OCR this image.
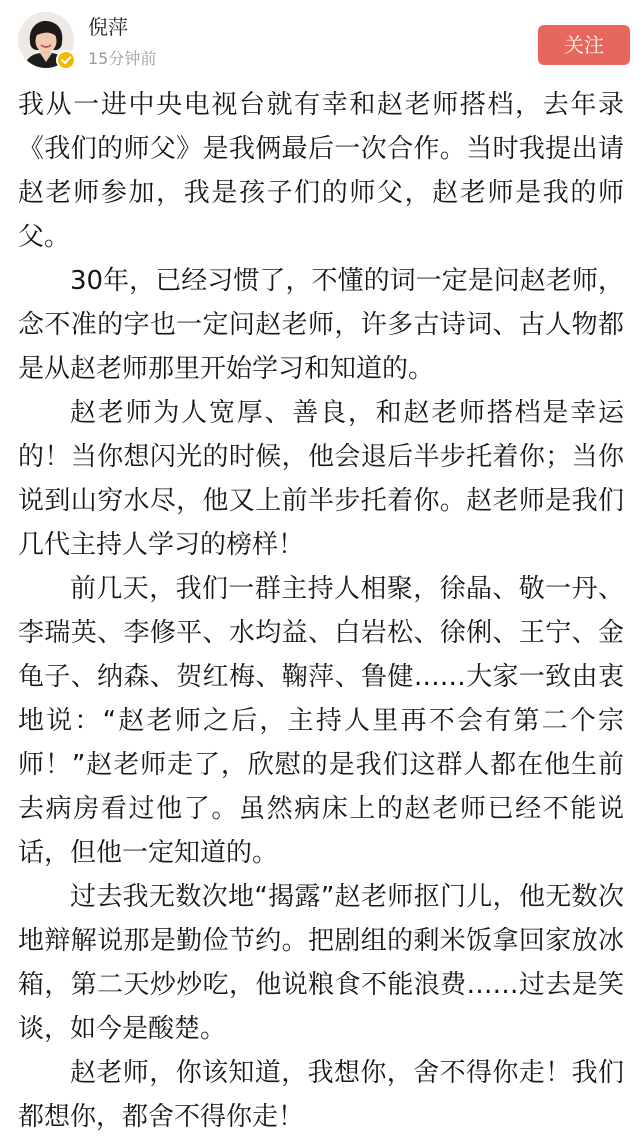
倪萍
15分钟前
关注

我从一进中央电视台就有幸和赵老师搭档，去年录《我们的师父》是我俩最后一次合作。当时我提出请赵老师参加，我是孩子们的师父，赵老师是我的师父。

30年，已经习惯了，不懂的词一定是问赵老师，念不准的字也一定问赵老师，许多古诗词、古人物都是从赵老师那里开始学习和知道的。

赵老师为人宽厚、善良，和赵老师搭档是幸运的！当你想闪光的时候，他会退后半步托着你；当你说到山穷水尽，他又上前半步托着你。赵老师是我们几代主持人学习的榜样！

前几天，我们一群主持人相聚，徐晶、敬一丹、李瑞英、李修平、水均益、白岩松、徐俐、王宁、金龟子、纳森、贺红梅、鞠萍、鲁健……大家一致由衷地说：“赵老师之后，主持人里再不会有第二个宗师！”赵老师走了，欣慰的是我们这群人都在他生前去病房看过他了。虽然病床上的赵老师已经不能说话，但他一定知道的。

过去我无数次地“揭露”赵老师抠门儿，他无数次地辩解说那是勤俭节约。把剧组的剩米饭拿回家放冰箱，第二天炒炒吃，他说粮食不能浪费……过去是笑谈，如今是酸楚。

赵老师，你该知道，我想你，舍不得你走！我们都想你，都舍不得你走！
